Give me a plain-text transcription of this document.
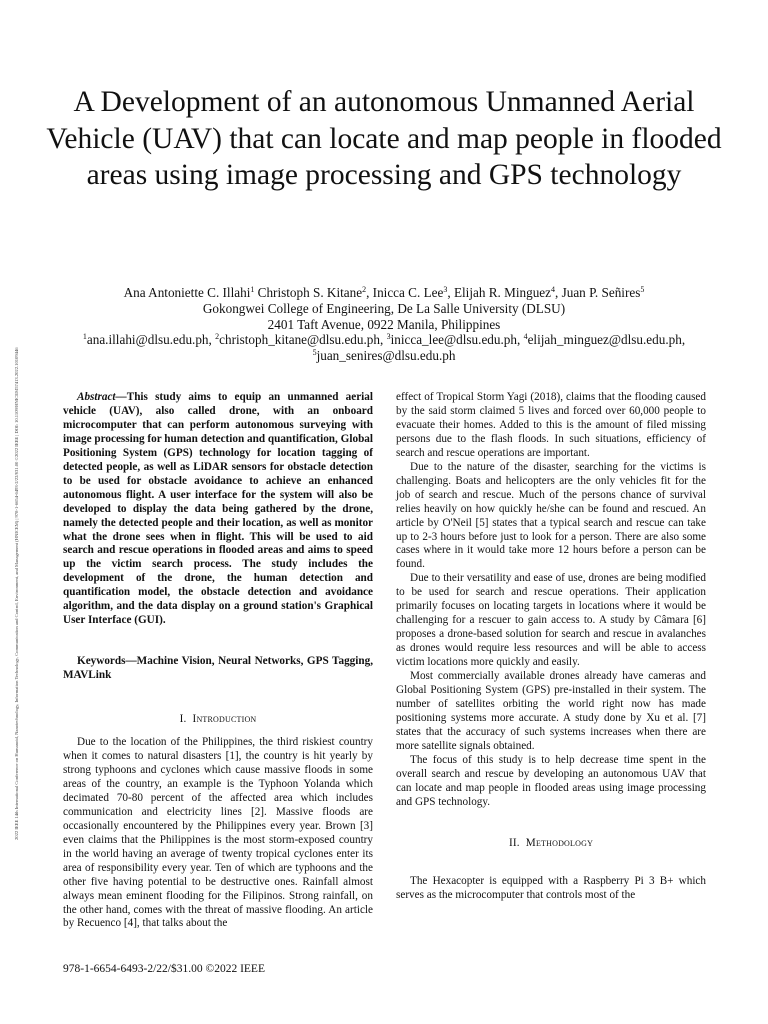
2022 IEEE 14th International Conference on Humanoid, Nanotechnology, Information Technology, Communication and Control, Environment, and Management (HNICEM) | 978-1-6654-6493-2/22/$31.00 ©2022 IEEE | DOI: 10.1109/HNICEM57413.2022.10109446
A Development of an autonomous Unmanned Aerial Vehicle (UAV) that can locate and map people in flooded areas using image processing and GPS technology
Ana Antoniette C. Illahi$^1$ Christoph S. Kitane$^2$, Inicca C. Lee$^3$, Elijah R. Minguez$^4$, Juan P. Señires$^5$
Gokongwei College of Engineering, De La Salle University (DLSU)
2401 Taft Avenue, 0922 Manila, Philippines
$^1$ana.illahi@dlsu.edu.ph, $^2$christoph_kitane@dlsu.edu.ph, $^3$inicca_lee@dlsu.edu.ph, $^4$elijah_minguez@dlsu.edu.ph,
$^5$juan_senires@dlsu.edu.ph

Abstract—This study aims to equip an unmanned aerial vehicle (UAV), also called drone, with an onboard microcomputer that can perform autonomous surveying with image processing for human detection and quantification, Global Positioning System (GPS) technology for location tagging of detected people, as well as LiDAR sensors for obstacle detection to be used for obstacle avoidance to achieve an enhanced autonomous flight. A user interface for the system will also be developed to display the data being gathered by the drone, namely the detected people and their location, as well as monitor what the drone sees when in flight. This will be used to aid search and rescue operations in flooded areas and aims to speed up the victim search process. The study includes the development of the drone, the human detection and quantification model, the obstacle detection and avoidance algorithm, and the data display on a ground station's Graphical User Interface (GUI).

Keywords—Machine Vision, Neural Networks, GPS Tagging, MAVLink

I. Introduction

Due to the location of the Philippines, the third riskiest country when it comes to natural disasters [1], the country is hit yearly by strong typhoons and cyclones which cause massive floods in some areas of the country, an example is the Typhoon Yolanda which decimated 70-80 percent of the affected area which includes communication and electricity lines [2]. Massive floods are occasionally encountered by the Philippines every year. Brown [3] even claims that the Philippines is the most storm-exposed country in the world having an average of twenty tropical cyclones enter its area of responsibility every year. Ten of which are typhoons and the other five having potential to be destructive ones. Rainfall almost always mean eminent flooding for the Filipinos. Strong rainfall, on the other hand, comes with the threat of massive flooding. An article by Recuenco [4], that talks about the

effect of Tropical Storm Yagi (2018), claims that the flooding caused by the said storm claimed 5 lives and forced over 60,000 people to evacuate their homes. Added to this is the amount of filed missing persons due to the flash floods. In such situations, efficiency of search and rescue operations are important.

Due to the nature of the disaster, searching for the victims is challenging. Boats and helicopters are the only vehicles fit for the job of search and rescue. Much of the persons chance of survival relies heavily on how quickly he/she can be found and rescued. An article by O'Neil [5] states that a typical search and rescue can take up to 2-3 hours before just to look for a person. There are also some cases where in it would take more 12 hours before a person can be found.

Due to their versatility and ease of use, drones are being modified to be used for search and rescue operations. Their application primarily focuses on locating targets in locations where it would be challenging for a rescuer to gain access to. A study by Câmara [6] proposes a drone-based solution for search and rescue in avalanches as drones would require less resources and will be able to access victim locations more quickly and easily.

Most commercially available drones already have cameras and Global Positioning System (GPS) pre-installed in their system. The number of satellites orbiting the world right now has made positioning systems more accurate. A study done by Xu et al. [7] states that the accuracy of such systems increases when there are more satellite signals obtained.

The focus of this study is to help decrease time spent in the overall search and rescue by developing an autonomous UAV that can locate and map people in flooded areas using image processing and GPS technology.

II. Methodology

The Hexacopter is equipped with a Raspberry Pi 3 B+ which serves as the microcomputer that controls most of the

978-1-6654-6493-2/22/$31.00 ©2022 IEEE
